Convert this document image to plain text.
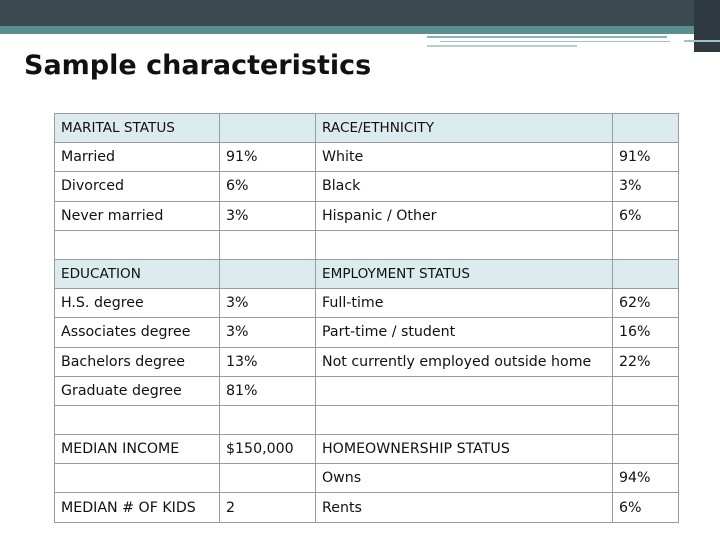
Sample characteristics
MARITAL STATUS		RACE/ETHNICITY	
Married	91%	White	91%
Divorced	6%	Black	3%
Never married	3%	Hispanic / Other	6%

EDUCATION		EMPLOYMENT STATUS	
H.S. degree	3%	Full-time	62%
Associates degree	3%	Part-time / student	16%
Bachelors degree	13%	Not currently employed outside home	22%
Graduate degree	81%		

MEDIAN INCOME	$150,000	HOMEOWNERSHIP STATUS	
		Owns	94%
MEDIAN # OF KIDS	2	Rents	6%
